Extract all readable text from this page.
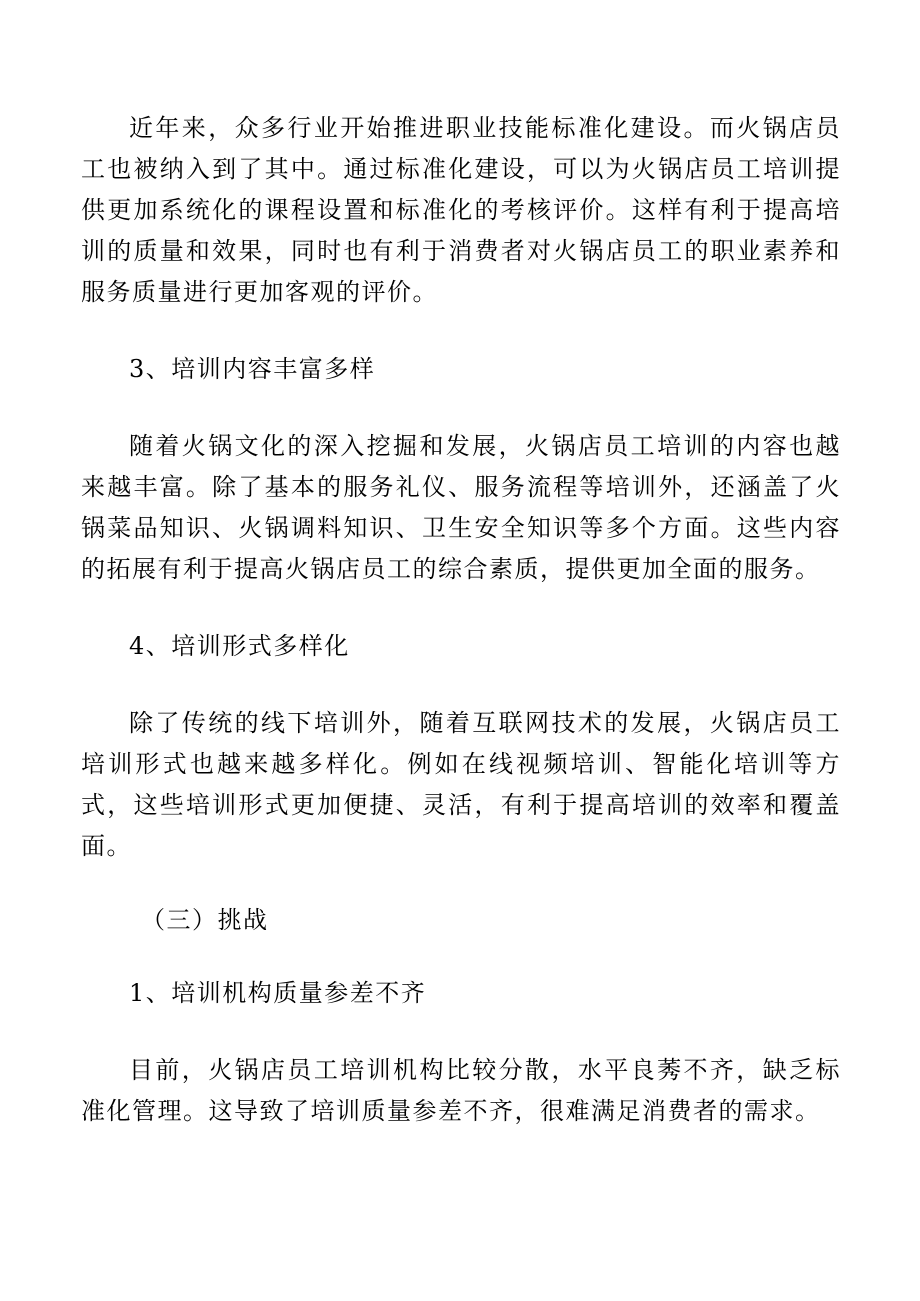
近年来，众多行业开始推进职业技能标准化建设。而火锅店员工也被纳入到了其中。通过标准化建设，可以为火锅店员工培训提供更加系统化的课程设置和标准化的考核评价。这样有利于提高培训的质量和效果，同时也有利于消费者对火锅店员工的职业素养和服务质量进行更加客观的评价。

3、培训内容丰富多样

随着火锅文化的深入挖掘和发展，火锅店员工培训的内容也越来越丰富。除了基本的服务礼仪、服务流程等培训外，还涵盖了火锅菜品知识、火锅调料知识、卫生安全知识等多个方面。这些内容的拓展有利于提高火锅店员工的综合素质，提供更加全面的服务。

4、培训形式多样化

除了传统的线下培训外，随着互联网技术的发展，火锅店员工培训形式也越来越多样化。例如在线视频培训、智能化培训等方式，这些培训形式更加便捷、灵活，有利于提高培训的效率和覆盖面。

（三）挑战

1、培训机构质量参差不齐

目前，火锅店员工培训机构比较分散，水平良莠不齐，缺乏标准化管理。这导致了培训质量参差不齐，很难满足消费者的需求。
